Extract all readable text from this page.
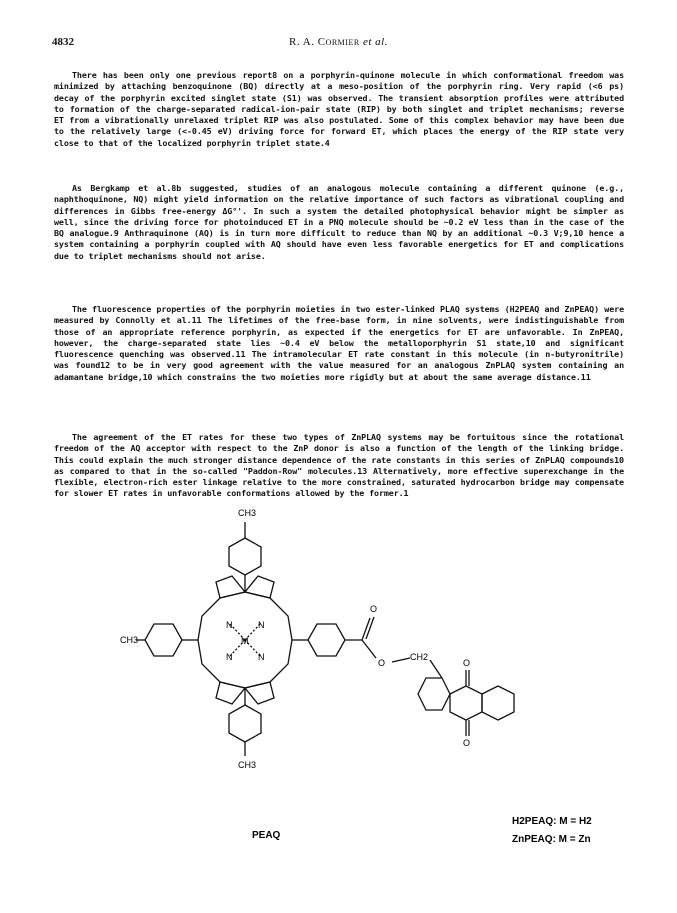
4832	R. A. Cormier et al.

There has been only one previous report8 on a porphyrin-quinone molecule in which conformational freedom was minimized by attaching benzoquinone (BQ) directly at a meso-position of the porphyrin ring. Very rapid (<6 ps) decay of the porphyrin excited singlet state (S1) was observed. The transient absorption profiles were attributed to formation of the charge-separated radical-ion-pair state (RIP) by both singlet and triplet mechanisms; reverse ET from a vibrationally unrelaxed triplet RIP was also postulated. Some of this complex behavior may have been due to the relatively large (<-0.45 eV) driving force for forward ET, which places the energy of the RIP state very close to that of the localized porphyrin triplet state.4

As Bergkamp et al.8b suggested, studies of an analogous molecule containing a different quinone (e.g., naphthoquinone, NQ) might yield information on the relative importance of such factors as vibrational coupling and differences in Gibbs free-energy ΔG°'. In such a system the detailed photophysical behavior might be simpler as well, since the driving force for photoinduced ET in a PNQ molecule should be ~0.2 eV less than in the case of the BQ analogue.9 Anthraquinone (AQ) is in turn more difficult to reduce than NQ by an additional ~0.3 V;9,10 hence a system containing a porphyrin coupled with AQ should have even less favorable energetics for ET and complications due to triplet mechanisms should not arise.

The fluorescence properties of the porphyrin moieties in two ester-linked PLAQ systems (H2PEAQ and ZnPEAQ) were measured by Connolly et al.11 The lifetimes of the free-base form, in nine solvents, were indistinguishable from those of an appropriate reference porphyrin, as expected if the energetics for ET are unfavorable. In ZnPEAQ, however, the charge-separated state lies ~0.4 eV below the metalloporphyrin S1 state,10 and significant fluorescence quenching was observed.11 The intramolecular ET rate constant in this molecule (in n-butyronitrile) was found12 to be in very good agreement with the value measured for an analogous ZnPLAQ system containing an adamantane bridge,10 which constrains the two moieties more rigidly but at about the same average distance.11

The agreement of the ET rates for these two types of ZnPLAQ systems may be fortuitous since the rotational freedom of the AQ acceptor with respect to the ZnP donor is also a function of the length of the linking bridge. This could explain the much stronger distance dependence of the rate constants in this series of ZnPLAQ compounds10 as compared to that in the so-called "Paddon-Row" molecules.13 Alternatively, more effective superexchange in the flexible, electron-rich ester linkage relative to the more constrained, saturated hydrocarbon bridge may compensate for slower ET rates in unfavorable conformations allowed by the former.1

CH3
CH3
CH3
N	N
N	N
M
O
O
CH2
O
O
PEAQ
H2PEAQ: M = H2
ZnPEAQ: M = Zn
